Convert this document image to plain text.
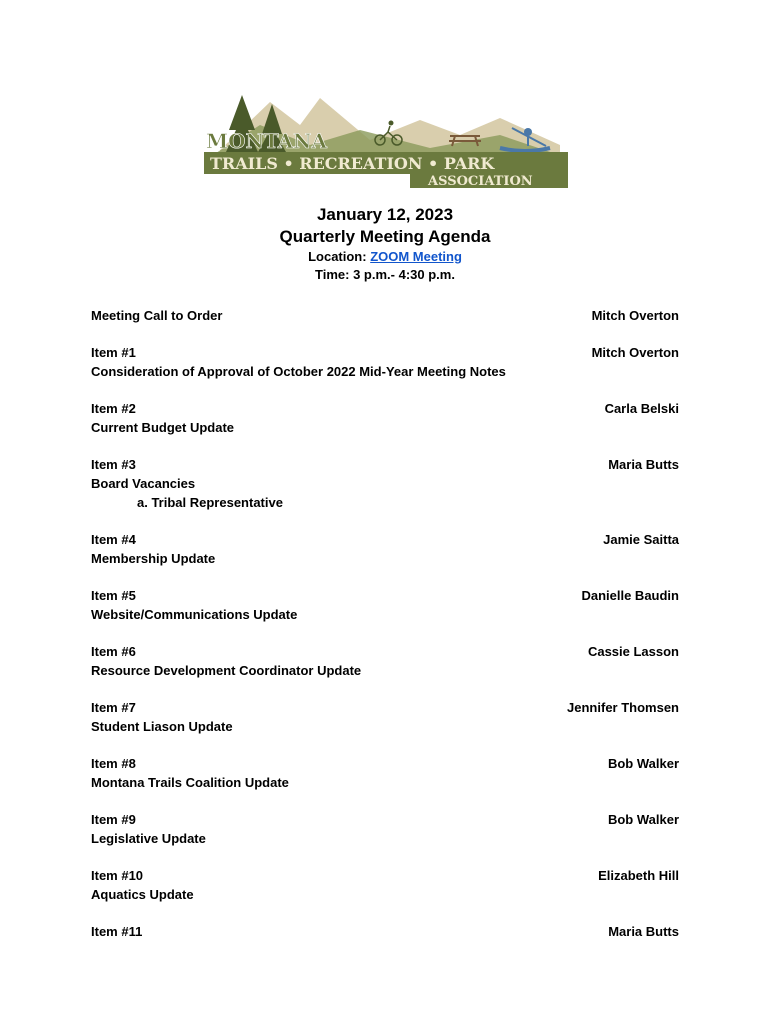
MONTANA
TRAILS • RECREATION • PARK
ASSOCIATION
January 12, 2023
Quarterly Meeting Agenda
Location: ZOOM Meeting
Time: 3 p.m.- 4:30 p.m.
Meeting Call to Order	Mitch Overton
Item #1
Consideration of Approval of October 2022 Mid-Year Meeting Notes
Mitch Overton
Item #2
Current Budget Update
Carla Belski
Item #3
Board Vacancies
a. Tribal Representative
Maria Butts
Item #4
Membership Update
Jamie Saitta
Item #5
Website/Communications Update
Danielle Baudin
Item #6
Resource Development Coordinator Update
Cassie Lasson
Item #7
Student Liason Update
Jennifer Thomsen
Item #8
Montana Trails Coalition Update
Bob Walker
Item #9
Legislative Update
Bob Walker
Item #10
Aquatics Update
Elizabeth Hill
Item #11	Maria Butts
